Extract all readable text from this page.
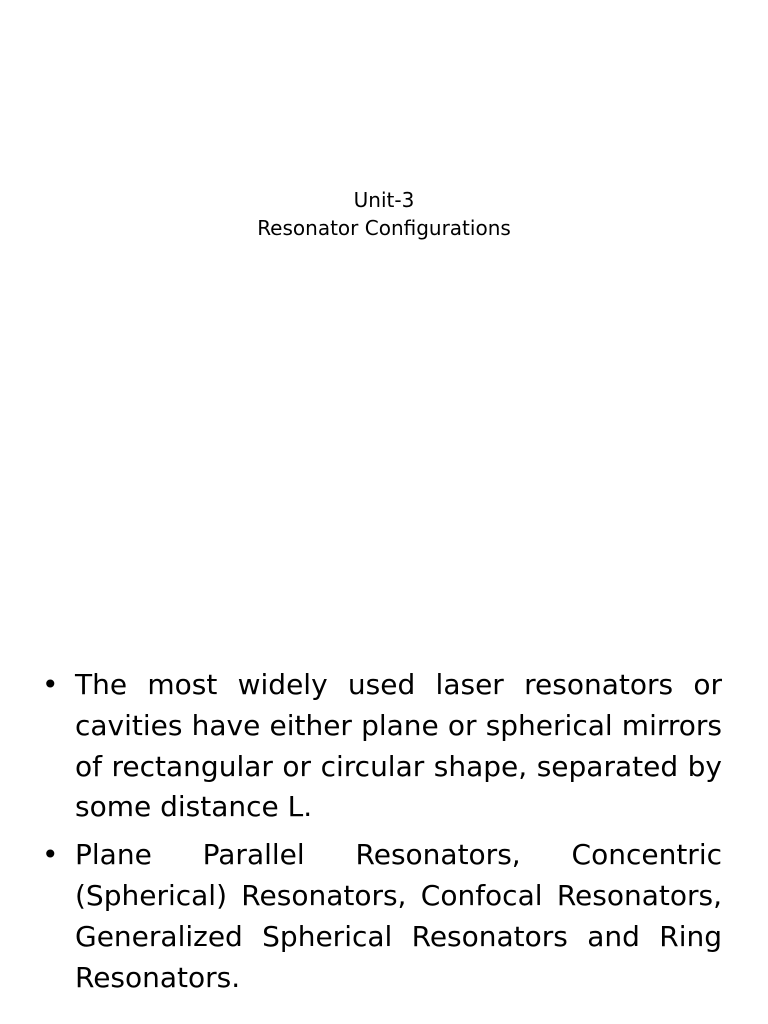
Unit-3
Resonator Configurations
• The most widely used laser resonators or cavities have either plane or spherical mirrors of rectangular or circular shape, separated by some distance L.
• Plane Parallel Resonators, Concentric (Spherical) Resonators, Confocal Resonators, Generalized Spherical Resonators and Ring Resonators.
